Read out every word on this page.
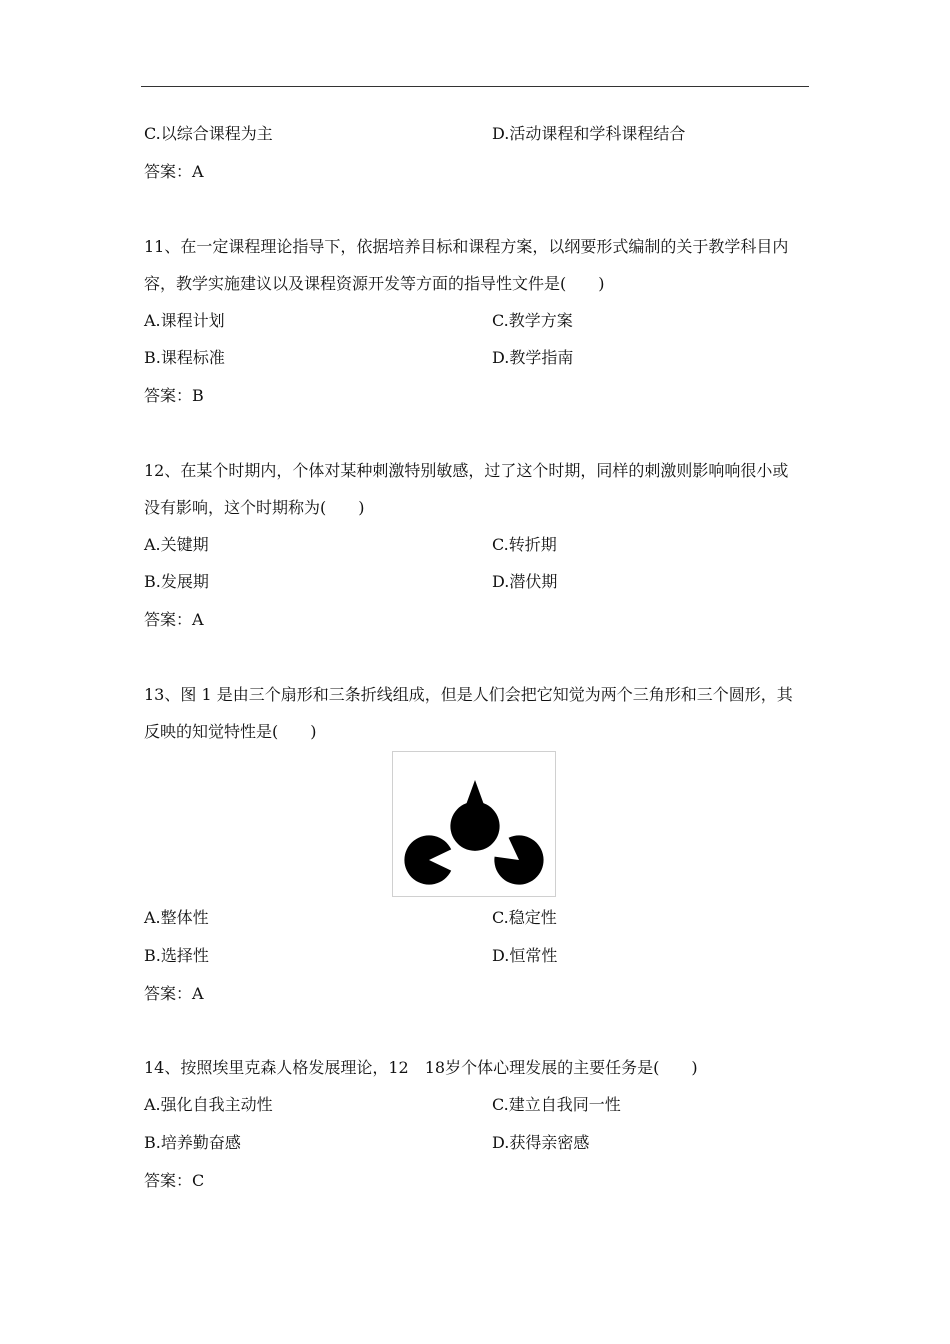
C.以综合课程为主	D.活动课程和学科课程结合
答案：A
11、在一定课程理论指导下，依据培养目标和课程方案，以纲要形式编制的关于教学科目内
容，教学实施建议以及课程资源开发等方面的指导性文件是(　　)
A.课程计划	C.教学方案
B.课程标准	D.教学指南
答案：B
12、在某个时期内，个体对某种刺激特别敏感，过了这个时期，同样的刺激则影响响很小或
没有影响，这个时期称为(　　)
A.关键期	C.转折期
B.发展期	D.潜伏期
答案：A
13、图 1 是由三个扇形和三条折线组成，但是人们会把它知觉为两个三角形和三个圆形，其
反映的知觉特性是(　　)
A.整体性	C.稳定性
B.选择性	D.恒常性
答案：A
14、按照埃里克森人格发展理论，12　18岁个体心理发展的主要任务是(　　)
A.强化自我主动性	C.建立自我同一性
B.培养勤奋感	D.获得亲密感
答案：C
